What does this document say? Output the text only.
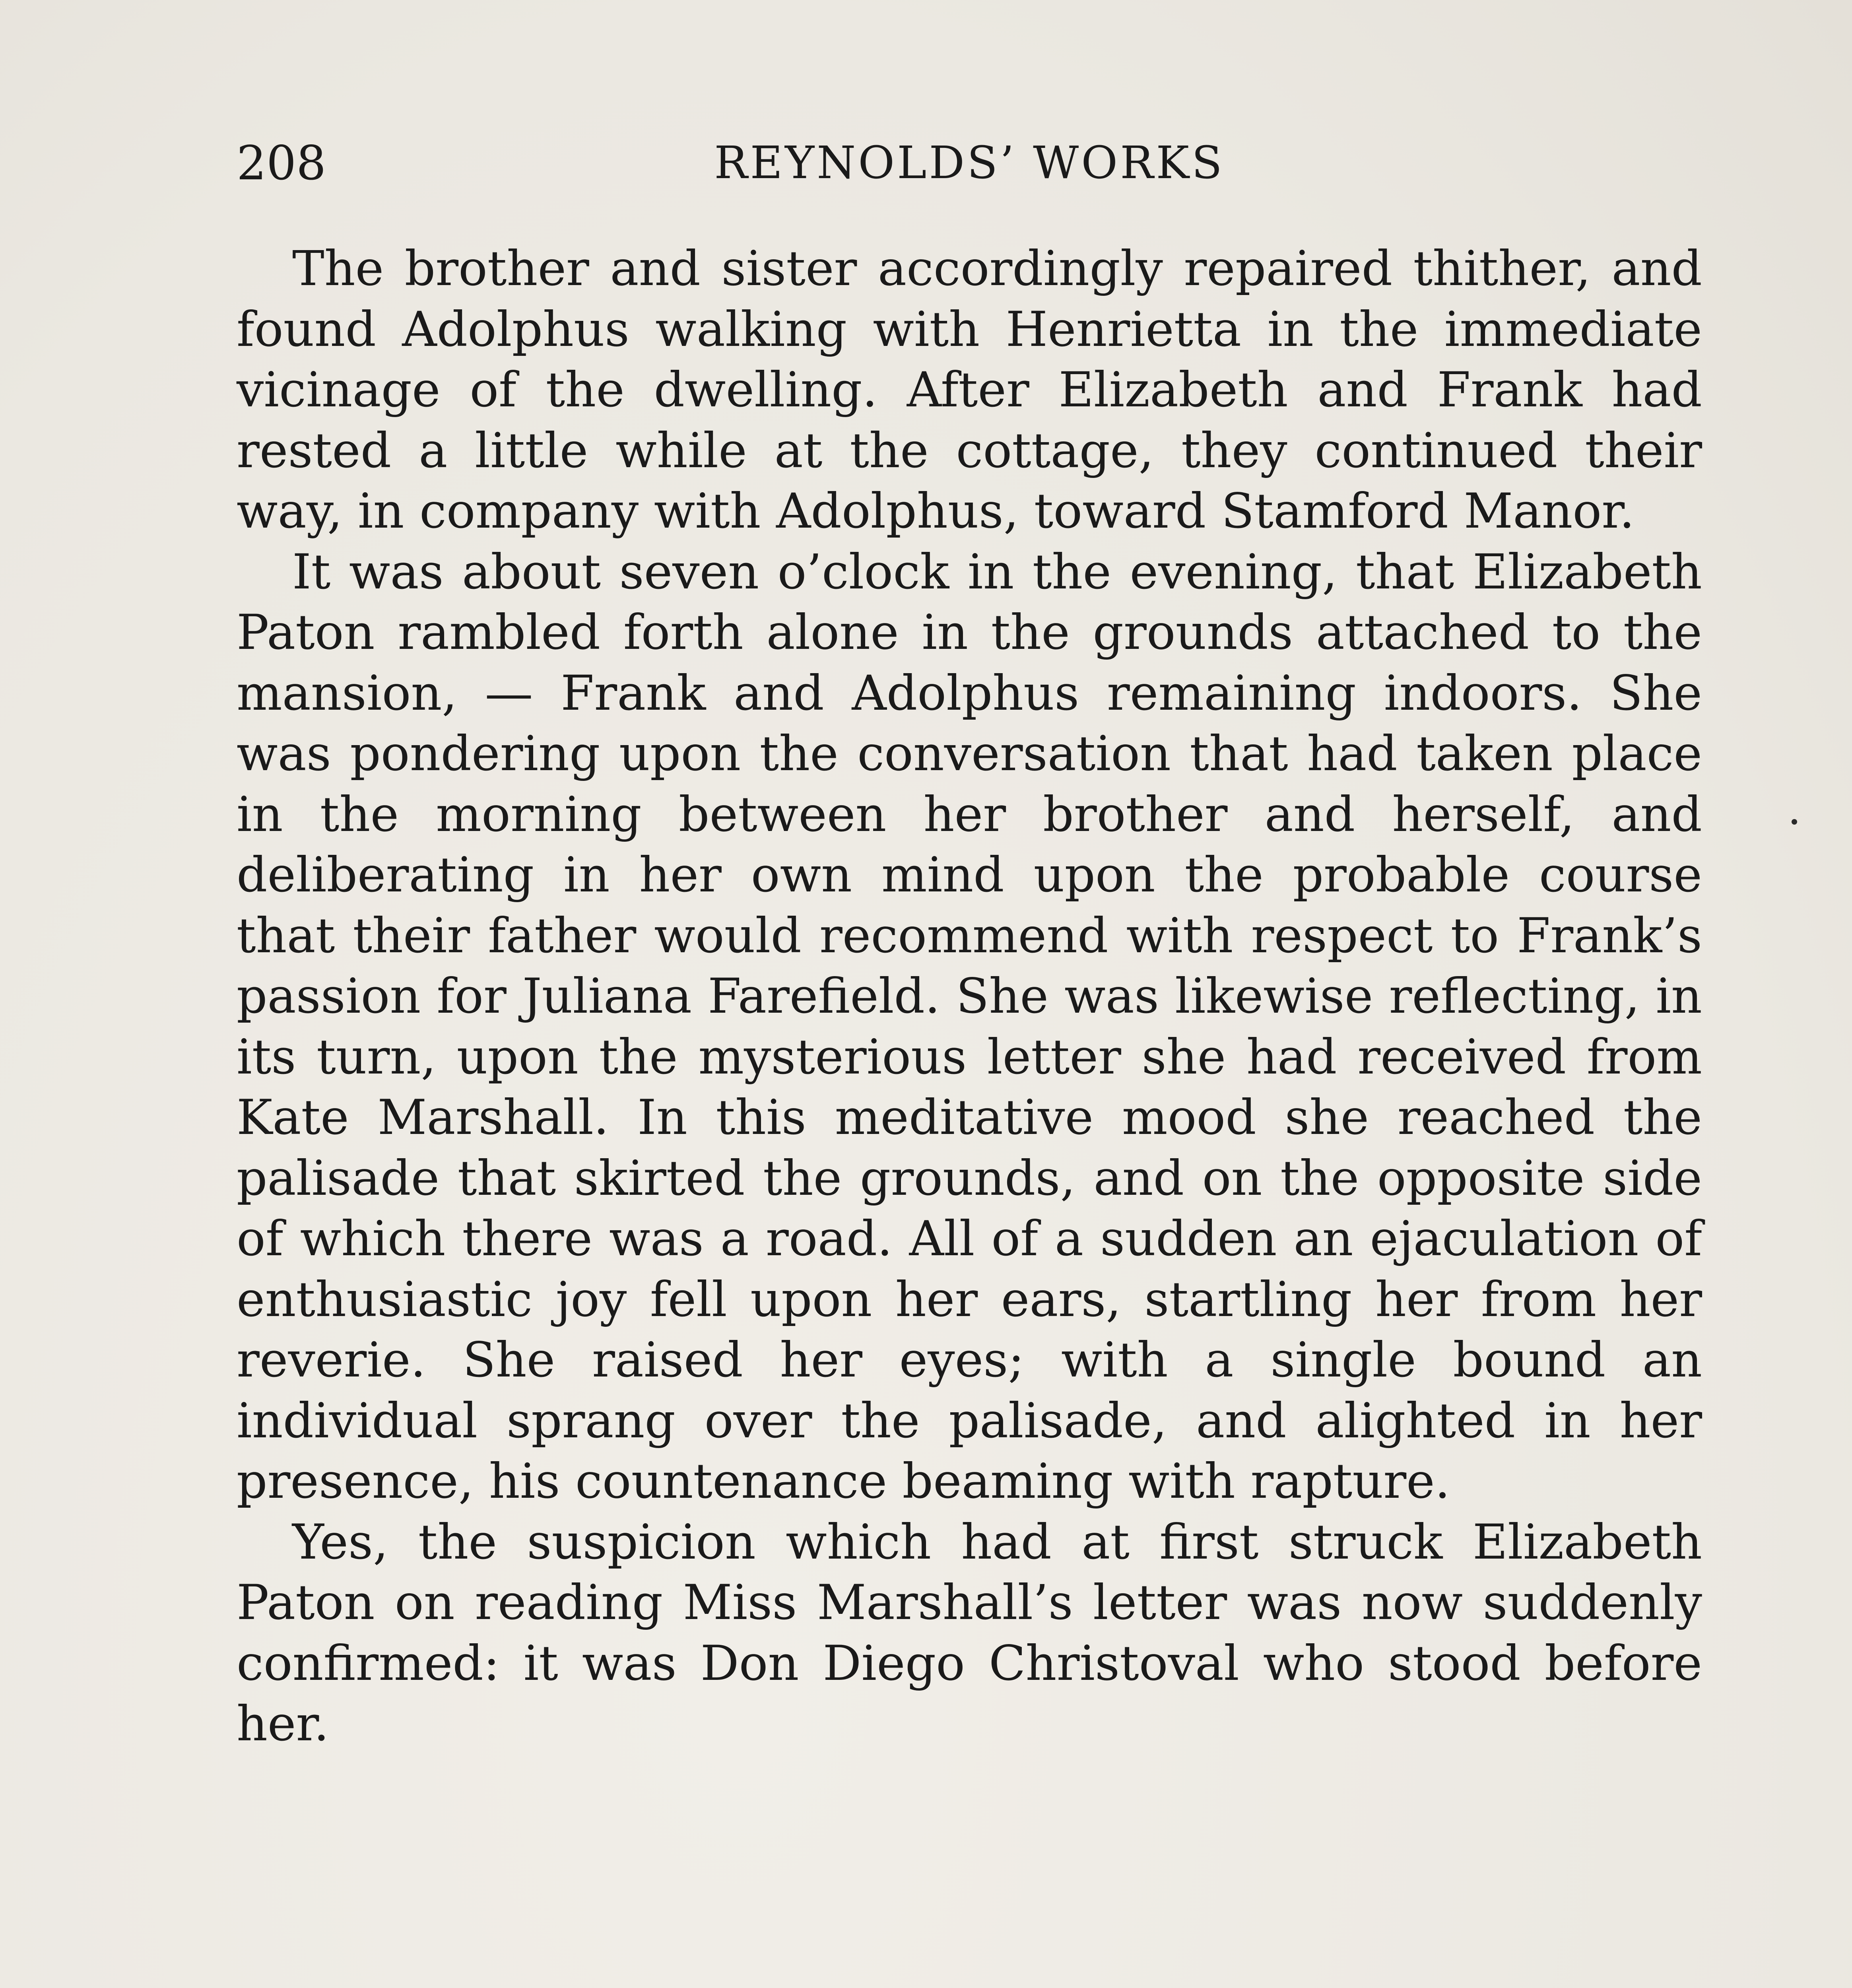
208	REYNOLDS’ WORKS

The brother and sister accordingly repaired thither, and found Adolphus walking with Henrietta in the immediate vicinage of the dwelling. After Elizabeth and Frank had rested a little while at the cottage, they continued their way, in company with Adolphus, toward Stamford Manor.

It was about seven o’clock in the evening, that Elizabeth Paton rambled forth alone in the grounds attached to the mansion, — Frank and Adolphus remaining indoors. She was pondering upon the conversation that had taken place in the morning between her brother and herself, and deliberating in her own mind upon the probable course that their father would recommend with respect to Frank’s passion for Juliana Farefield. She was likewise reflecting, in its turn, upon the mysterious letter she had received from Kate Marshall. In this meditative mood she reached the palisade that skirted the grounds, and on the opposite side of which there was a road. All of a sudden an ejaculation of enthusiastic joy fell upon her ears, startling her from her reverie. She raised her eyes; with a single bound an individual sprang over the palisade, and alighted in her presence, his countenance beaming with rapture.

Yes, the suspicion which had at first struck Elizabeth Paton on reading Miss Marshall’s letter was now suddenly confirmed: it was Don Diego Christoval who stood before her.
